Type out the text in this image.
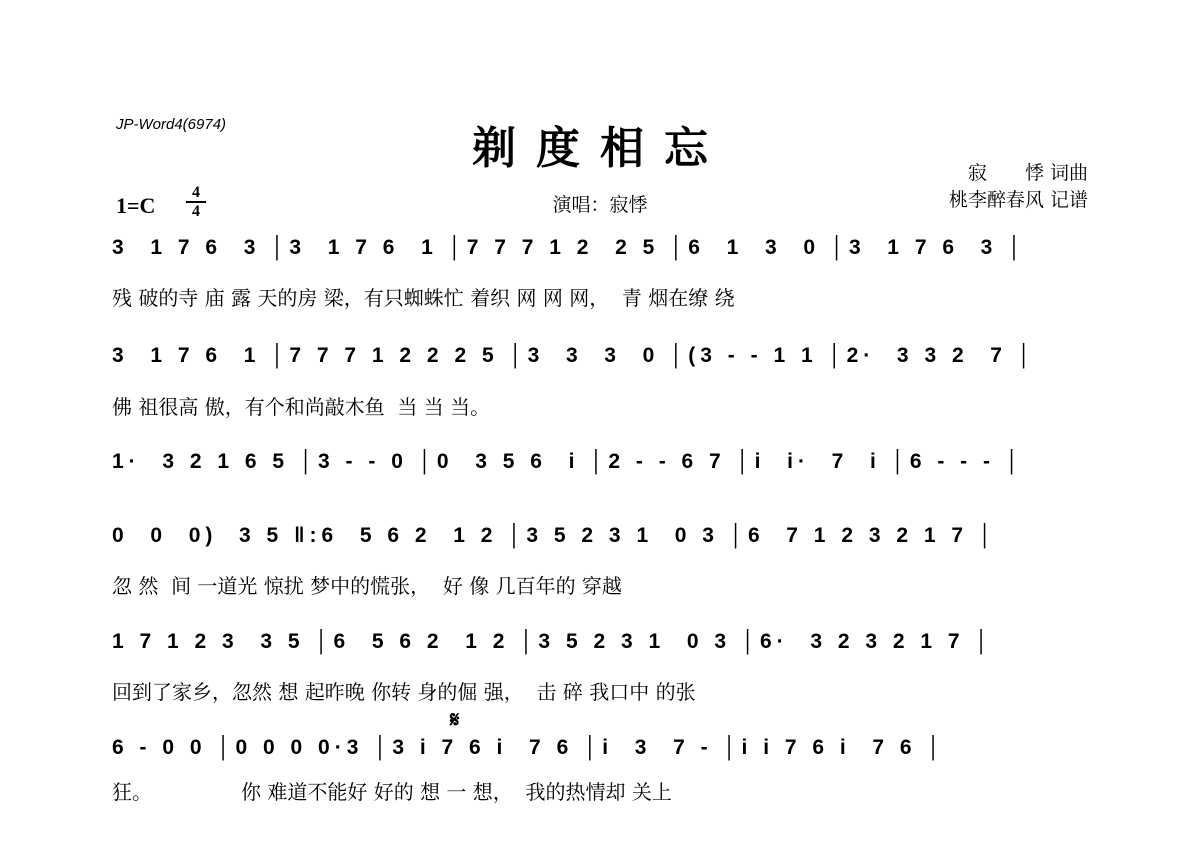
JP-Word4(6974)	剃度相忘
1=C
4
4	演唱：寂悸
寂　　悸 词曲
桃李醉春风 记谱
𝄋
3  1 7 6  3 │3  1 7 6  1 │7 7 7 1 2  2 5 │6  1  3  0 │3  1 7 6  3 │
残 破的寺 庙 露 天的房 梁，有只蜘蛛忙 着织 网 网 网，  青 烟在缭 绕
3  1 7 6  1 │7 7 7 1 2 2 2 5 │3  3  3  0 │(3 - - 1 1 │2·  3 3 2  7 │
佛 祖很高 傲，有个和尚敲木鱼  当 当 当。
1·  3 2 1 6 5 │3 - - 0 │0  3 5 6  i │2 - - 6 7 │i  i·  7  i │6 - - - │
0  0  0)  3 5 ‖:6  5 6 2  1 2 │3 5 2 3 1  0 3 │6  7 1 2 3 2 1 7 │
忽 然  间 一道光 惊扰 梦中的慌张，  好 像 几百年的 穿越
1 7 1 2 3  3 5 │6  5 6 2  1 2 │3 5 2 3 1  0 3 │6·  3 2 3 2 1 7 │
回到了家乡，忽然 想 起昨晚 你转 身的倔 强，  击 碎 我口中 的张
6 - 0 0 │0 0 0 0·3 │3 i 7 6 i  7 6 │i  3  7 - │i i 7 6 i  7 6 │
狂。              你 难道不能好 好的 想 一 想，  我的热情却 关上
